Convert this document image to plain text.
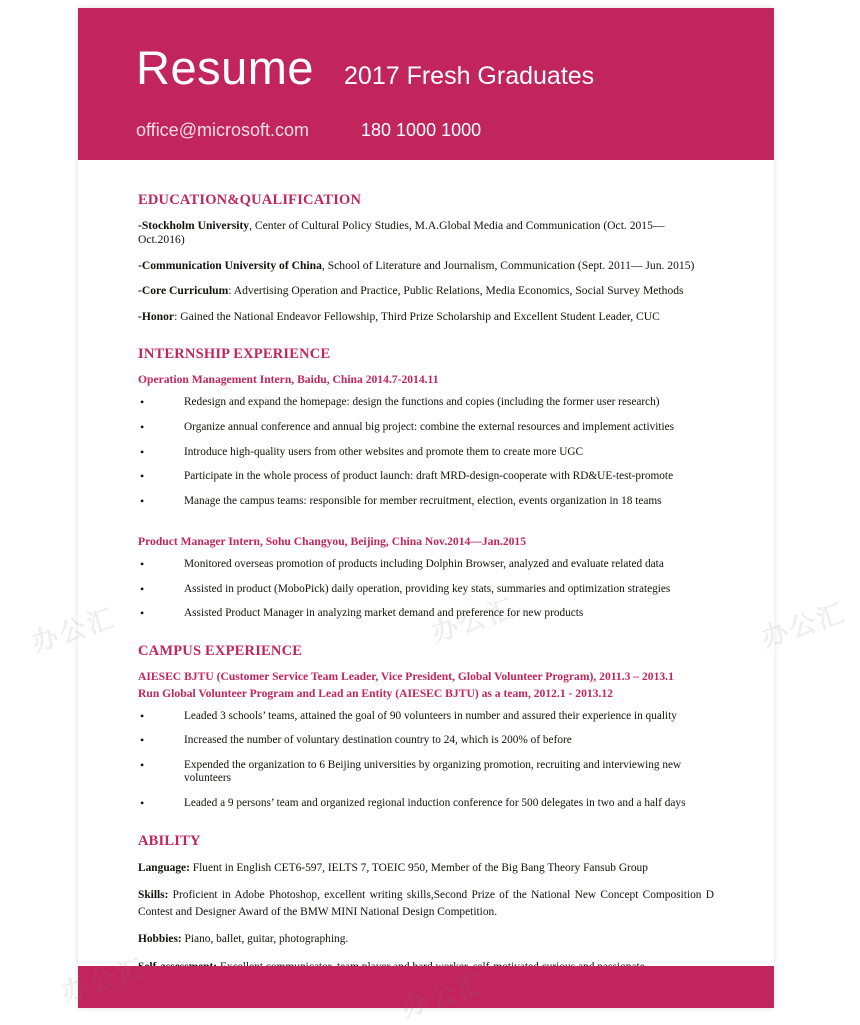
Resume 2017 Fresh Graduates
office@microsoft.com	180 1000 1000
EDUCATION&QUALIFICATION
-Stockholm University, Center of Cultural Policy Studies, M.A.Global Media and Communication (Oct. 2015— Oct.2016)
-Communication University of China, School of Literature and Journalism, Communication (Sept. 2011— Jun. 2015)
-Core Curriculum: Advertising Operation and Practice, Public Relations, Media Economics, Social Survey Methods
-Honor: Gained the National Endeavor Fellowship, Third Prize Scholarship and Excellent Student Leader, CUC
INTERNSHIP EXPERIENCE
Operation Management Intern, Baidu, China 2014.7-2014.11
• Redesign and expand the homepage: design the functions and copies (including the former user research)
• Organize annual conference and annual big project: combine the external resources and implement activities
• Introduce high-quality users from other websites and promote them to create more UGC
• Participate in the whole process of product launch: draft MRD-design-cooperate with RD&UE-test-promote
• Manage the campus teams: responsible for member recruitment, election, events organization in 18 teams
Product Manager Intern, Sohu Changyou, Beijing, China Nov.2014—Jan.2015
• Monitored overseas promotion of products including Dolphin Browser, analyzed and evaluate related data
• Assisted in product (MoboPick) daily operation, providing key stats, summaries and optimization strategies
• Assisted Product Manager in analyzing market demand and preference for new products
CAMPUS EXPERIENCE
AIESEC BJTU (Customer Service Team Leader, Vice President, Global Volunteer Program), 2011.3 – 2013.1
Run Global Volunteer Program and Lead an Entity (AIESEC BJTU) as a team, 2012.1 - 2013.12
• Leaded 3 schools’ teams, attained the goal of 90 volunteers in number and assured their experience in quality
• Increased the number of voluntary destination country to 24, which is 200% of before
• Expended the organization to 6 Beijing universities by organizing promotion, recruiting and interviewing new volunteers
• Leaded a 9 persons’ team and organized regional induction conference for 500 delegates in two and a half days
ABILITY
Language: Fluent in English CET6-597, IELTS 7, TOEIC 950, Member of the Big Bang Theory Fansub Group
Skills: Proficient in Adobe Photoshop, excellent writing skills,Second Prize of the National New Concept Composition D Contest and Designer Award of the BMW MINI National Design Competition.
Hobbies: Piano, ballet, guitar, photographing.
办公汇	办公汇
